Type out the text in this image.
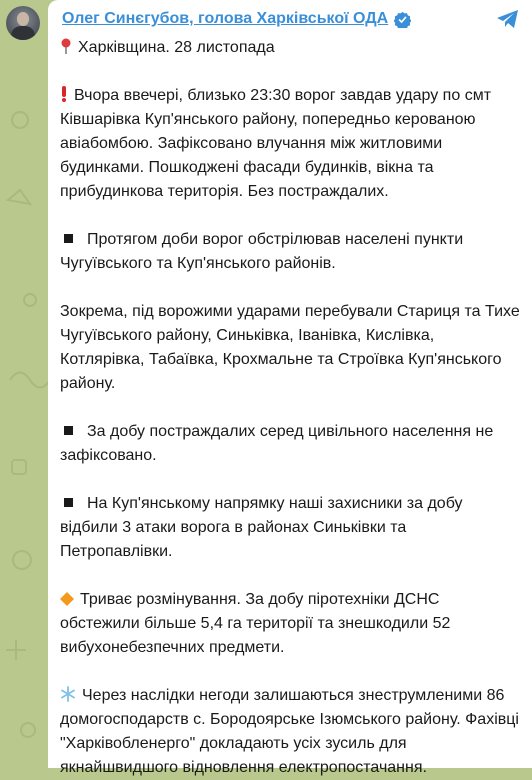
Олег Синєгубов, голова Харківської ОДА
Харківщина. 28 листопада

Вчора ввечері, близько 23:30 ворог завдав удару по смт Ківшарівка Куп'янського району, попередньо керованою авіабомбою. Зафіксовано влучання між житловими будинками. Пошкоджені фасади будинків, вікна та прибудинкова територія. Без постраждалих.

Протягом доби ворог обстрілював населені пункти Чугуївського та Куп'янського районів.

Зокрема, під ворожими ударами перебували Стариця та Тихе Чугуївського району, Синьківка, Іванівка, Кислівка, Котлярівка, Табаївка, Крохмальне та Строївка Куп'янського району.

За добу постраждалих серед цивільного населення не зафіксовано.

На Куп'янському напрямку наші захисники за добу відбили 3 атаки ворога в районах Синьківки та Петропавлівки.

Триває розмінування. За добу піротехніки ДСНС обстежили більше 5,4 га території та знешкодили 52 вибухонебезпечних предмети.

Через наслідки негоди залишаються знеструмленими 86 домогосподарств с. Бородоярське Ізюмського району. Фахівці "Харківобленерго" докладають усіх зусиль для якнайшвидшого відновлення електропостачання.
